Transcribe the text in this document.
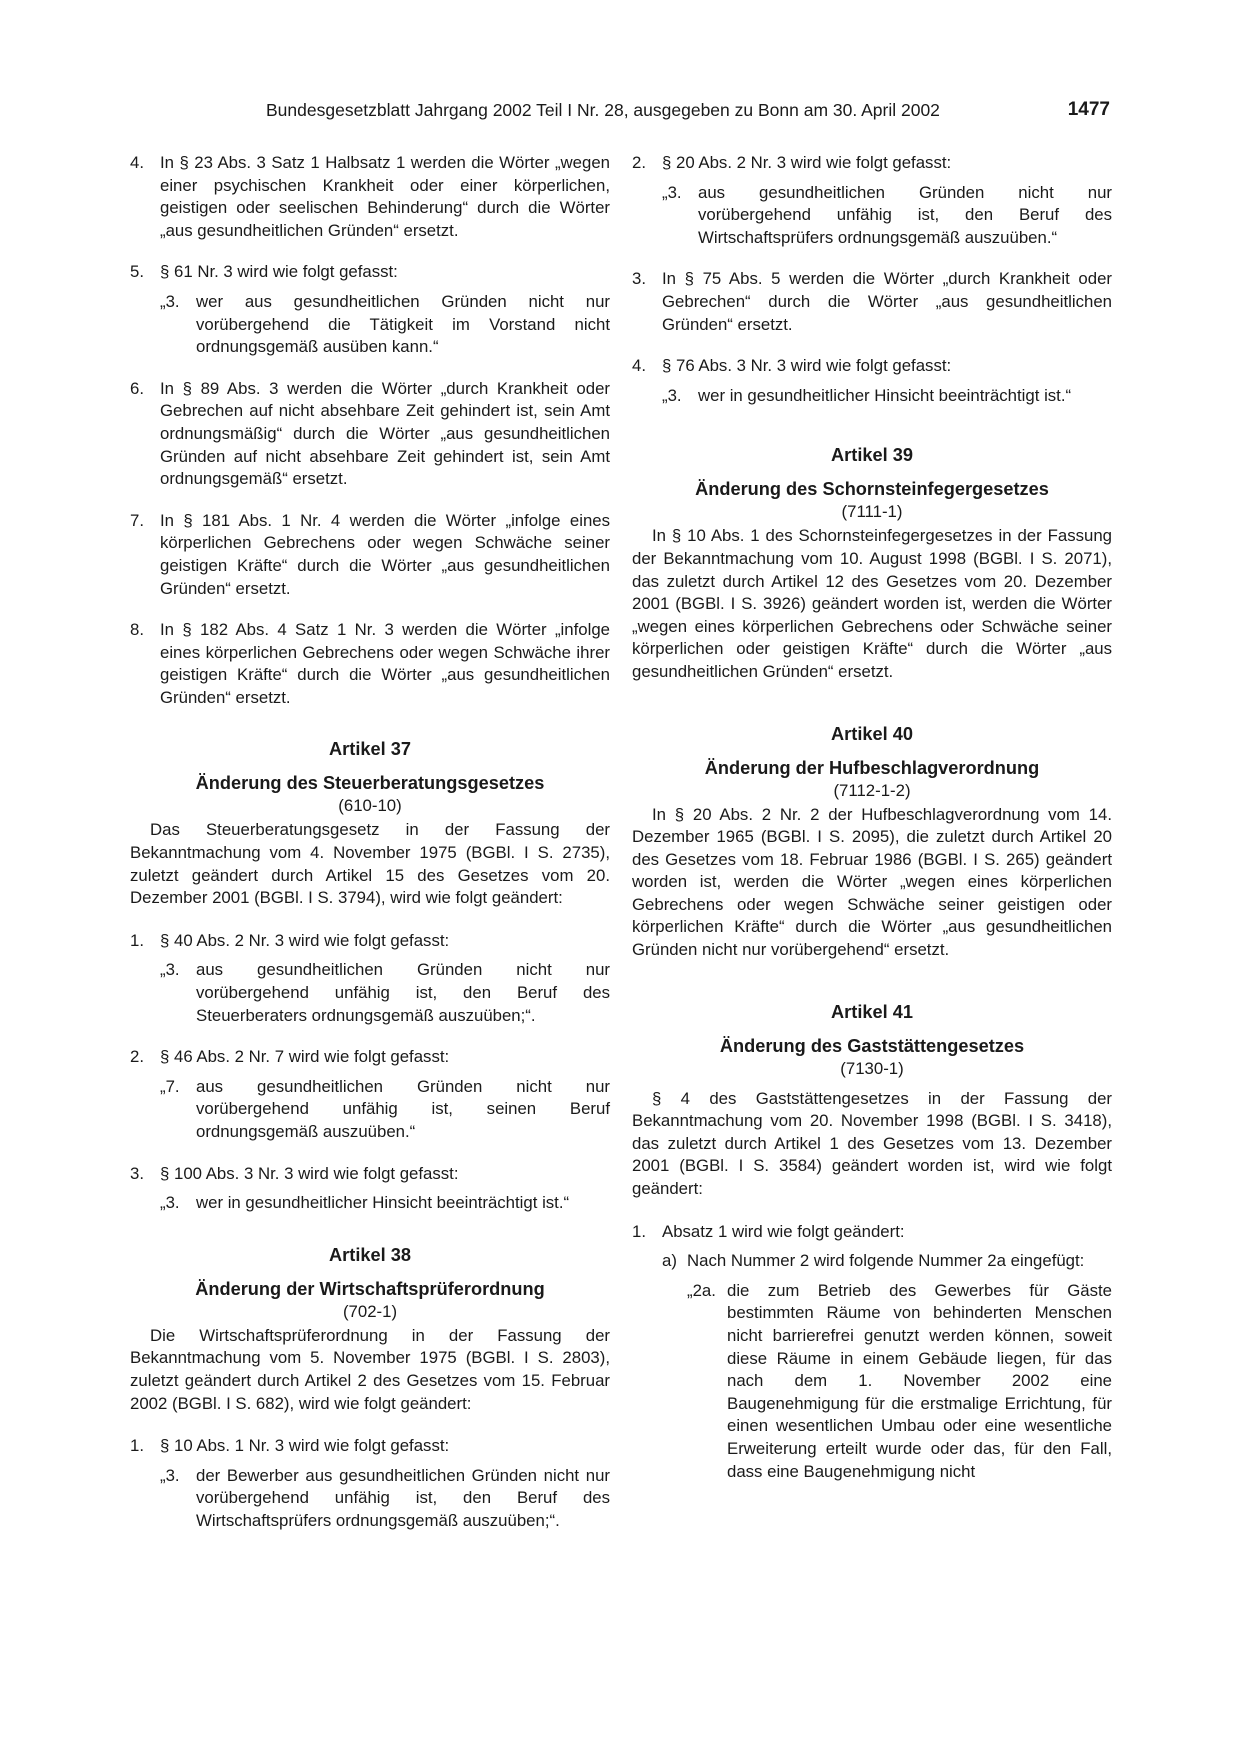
Bundesgesetzblatt Jahrgang 2002 Teil I Nr. 28, ausgegeben zu Bonn am 30. April 2002	1477
4. In § 23 Abs. 3 Satz 1 Halbsatz 1 werden die Wörter „wegen einer psychischen Krankheit oder einer körperlichen, geistigen oder seelischen Behinderung“ durch die Wörter „aus gesundheitlichen Gründen“ ersetzt.

5. § 61 Nr. 3 wird wie folgt gefasst:

„3. wer aus gesundheitlichen Gründen nicht nur vorübergehend die Tätigkeit im Vorstand nicht ordnungsgemäß ausüben kann.“

6. In § 89 Abs. 3 werden die Wörter „durch Krankheit oder Gebrechen auf nicht absehbare Zeit gehindert ist, sein Amt ordnungsmäßig“ durch die Wörter „aus gesundheitlichen Gründen auf nicht absehbare Zeit gehindert ist, sein Amt ordnungsgemäß“ ersetzt.

7. In § 181 Abs. 1 Nr. 4 werden die Wörter „infolge eines körperlichen Gebrechens oder wegen Schwäche seiner geistigen Kräfte“ durch die Wörter „aus gesundheitlichen Gründen“ ersetzt.

8. In § 182 Abs. 4 Satz 1 Nr. 3 werden die Wörter „infolge eines körperlichen Gebrechens oder wegen Schwäche ihrer geistigen Kräfte“ durch die Wörter „aus gesundheitlichen Gründen“ ersetzt.

Artikel 37

Änderung des Steuerberatungsgesetzes

(610-10)

Das Steuerberatungsgesetz in der Fassung der Bekanntmachung vom 4. November 1975 (BGBl. I S. 2735), zuletzt geändert durch Artikel 15 des Gesetzes vom 20. Dezember 2001 (BGBl. I S. 3794), wird wie folgt geändert:

1. § 40 Abs. 2 Nr. 3 wird wie folgt gefasst:

„3. aus gesundheitlichen Gründen nicht nur vorübergehend unfähig ist, den Beruf des Steuerberaters ordnungsgemäß auszuüben;“.

2. § 46 Abs. 2 Nr. 7 wird wie folgt gefasst:

„7. aus gesundheitlichen Gründen nicht nur vorübergehend unfähig ist, seinen Beruf ordnungsgemäß auszuüben.“

3. § 100 Abs. 3 Nr. 3 wird wie folgt gefasst:

„3. wer in gesundheitlicher Hinsicht beeinträchtigt ist.“

Artikel 38

Änderung der Wirtschaftsprüferordnung

(702-1)

Die Wirtschaftsprüferordnung in der Fassung der Bekanntmachung vom 5. November 1975 (BGBl. I S. 2803), zuletzt geändert durch Artikel 2 des Gesetzes vom 15. Februar 2002 (BGBl. I S. 682), wird wie folgt geändert:

1. § 10 Abs. 1 Nr. 3 wird wie folgt gefasst:

„3. der Bewerber aus gesundheitlichen Gründen nicht nur vorübergehend unfähig ist, den Beruf des Wirtschaftsprüfers ordnungsgemäß auszuüben;“.

2. § 20 Abs. 2 Nr. 3 wird wie folgt gefasst:

„3. aus gesundheitlichen Gründen nicht nur vorübergehend unfähig ist, den Beruf des Wirtschaftsprüfers ordnungsgemäß auszuüben.“

3. In § 75 Abs. 5 werden die Wörter „durch Krankheit oder Gebrechen“ durch die Wörter „aus gesundheitlichen Gründen“ ersetzt.

4. § 76 Abs. 3 Nr. 3 wird wie folgt gefasst:

„3. wer in gesundheitlicher Hinsicht beeinträchtigt ist.“

Artikel 39

Änderung des Schornsteinfegergesetzes

(7111-1)

In § 10 Abs. 1 des Schornsteinfegergesetzes in der Fassung der Bekanntmachung vom 10. August 1998 (BGBl. I S. 2071), das zuletzt durch Artikel 12 des Gesetzes vom 20. Dezember 2001 (BGBl. I S. 3926) geändert worden ist, werden die Wörter „wegen eines körperlichen Gebrechens oder Schwäche seiner körperlichen oder geistigen Kräfte“ durch die Wörter „aus gesundheitlichen Gründen“ ersetzt.

Artikel 40

Änderung der Hufbeschlagverordnung

(7112-1-2)

In § 20 Abs. 2 Nr. 2 der Hufbeschlagverordnung vom 14. Dezember 1965 (BGBl. I S. 2095), die zuletzt durch Artikel 20 des Gesetzes vom 18. Februar 1986 (BGBl. I S. 265) geändert worden ist, werden die Wörter „wegen eines körperlichen Gebrechens oder wegen Schwäche seiner geistigen oder körperlichen Kräfte“ durch die Wörter „aus gesundheitlichen Gründen nicht nur vorübergehend“ ersetzt.

Artikel 41

Änderung des Gaststättengesetzes

(7130-1)

§ 4 des Gaststättengesetzes in der Fassung der Bekanntmachung vom 20. November 1998 (BGBl. I S. 3418), das zuletzt durch Artikel 1 des Gesetzes vom 13. Dezember 2001 (BGBl. I S. 3584) geändert worden ist, wird wie folgt geändert:

1. Absatz 1 wird wie folgt geändert:

a) Nach Nummer 2 wird folgende Nummer 2a eingefügt:

„2a. die zum Betrieb des Gewerbes für Gäste bestimmten Räume von behinderten Menschen nicht barrierefrei genutzt werden können, soweit diese Räume in einem Gebäude liegen, für das nach dem 1. November 2002 eine Baugenehmigung für die erstmalige Errichtung, für einen wesentlichen Umbau oder eine wesentliche Erweiterung erteilt wurde oder das, für den Fall, dass eine Baugenehmigung nicht
